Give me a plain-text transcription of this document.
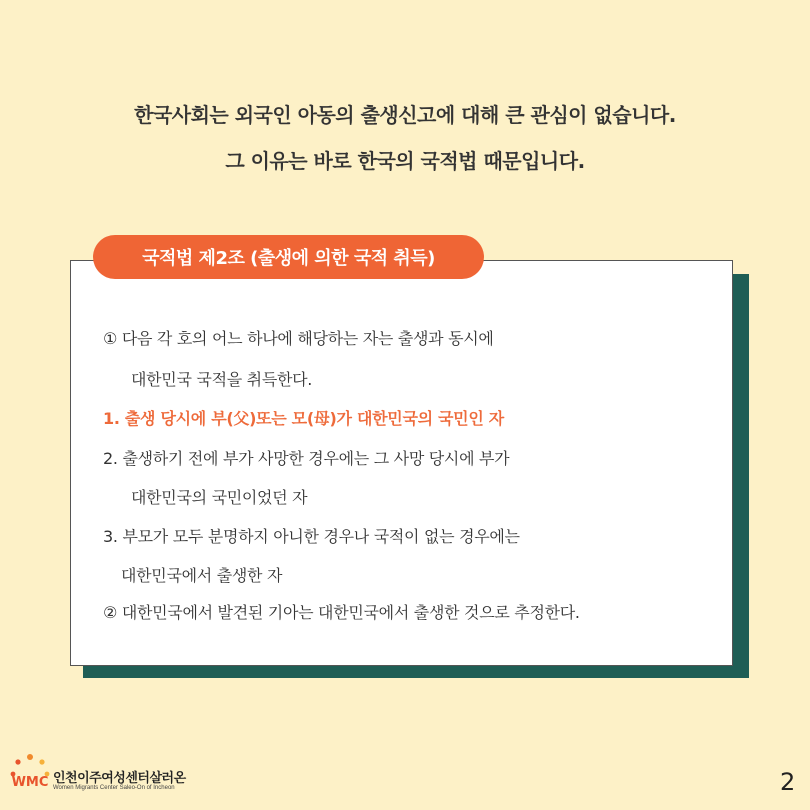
한국사회는 외국인 아동의 출생신고에 대해 큰 관심이 없습니다.
그 이유는 바로 한국의 국적법 때문입니다.
국적법 제2조 (출생에 의한 국적 취득)
① 다음 각 호의 어느 하나에 해당하는 자는 출생과 동시에
대한민국 국적을 취득한다.
1. 출생 당시에 부(父)또는 모(母)가 대한민국의 국민인 자
2. 출생하기 전에 부가 사망한 경우에는 그 사망 당시에 부가
대한민국의 국민이었던 자
3. 부모가 모두 분명하지 아니한 경우나 국적이 없는 경우에는
대한민국에서 출생한 자
② 대한민국에서 발견된 기아는 대한민국에서 출생한 것으로 추정한다.
WMC 인천이주여성센터살러온
Women Migrants Center Saleo-On of Incheon	2
